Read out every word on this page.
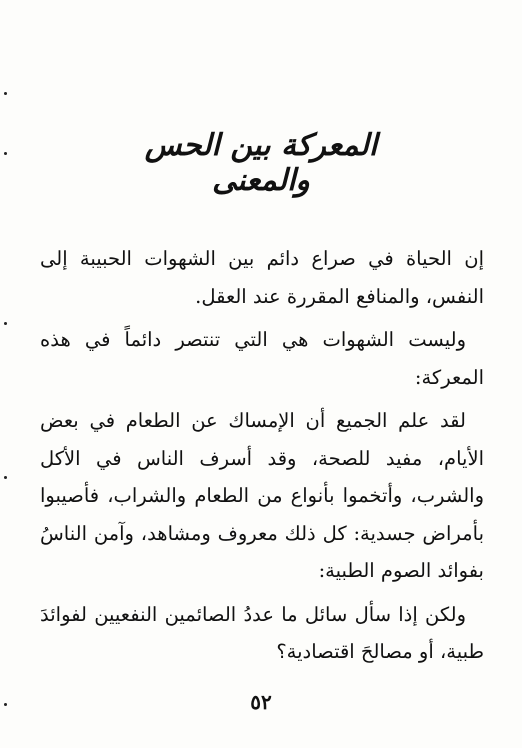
المعركة بين الحس والمعنى

إن الحياة في صراع دائم بين الشهوات الحبيبة إلى النفس، والمنافع المقررة عند العقل.

وليست الشهوات هي التي تنتصر دائماً في هذه المعركة:

لقد علم الجميع أن الإمساك عن الطعام في بعض الأيام، مفيد للصحة، وقد أسرف الناس في الأكل والشرب، وأتخموا بأنواع من الطعام والشراب، فأصيبوا بأمراض جسدية: كل ذلك معروف ومشاهد، وآمن الناسُ بفوائد الصوم الطبية:

ولكن إذا سأل سائل ما عددُ الصائمين النفعيين لفوائدَ طبية، أو مصالحَ اقتصادية؟

٥٢
